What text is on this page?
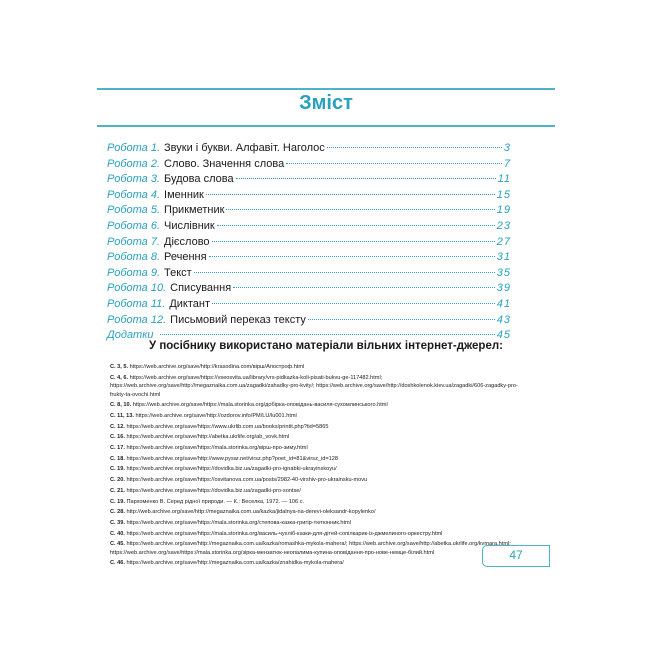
Зміст
Робота 1. Звуки і букви. Алфавіт. Наголос	3
Робота 2. Слово. Значення слова	7
Робота 3. Будова слова	11
Робота 4. Іменник	15
Робота 5. Прикметник	19
Робота 6. Числівник	23
Робота 7. Дієслово	27
Робота 8. Речення	31
Робота 9. Текст	35
Робота 10. Списування	39
Робота 11. Диктант	41
Робота 12. Письмовий переказ тексту	43
Додатки	45
У посібнику використано матеріали вільних інтернет-джерел:
С. 3, 5. https://web.archive.org/save/http://krasodina.com/вірш/Апостроф.html
С. 4, 6. https://web.archive.org/save/https://vseosvita.ua/library/vrs-pidkazka-koli-pisati-bukvu-ge-117482.html; https://web.archive.org/save/http://megaznaika.com.ua/zagadki/zahadky-pro-kvity/; https://web.archive.org/save/http://doshkolenok.kiev.ua/zagadki/606-zagadky-pro-frukty-ta-ovochi.html
С. 8, 10. https://web.archive.org/save/https://mala.storinka.org/добірка-оповідань-василя-сухомлинського.html
С. 11, 13. https://web.archive.org/save/http://ozdorov.info/PM/LU/lu001.html
С. 12. https://web.archive.org/save/https://www.ukrlib.com.ua/books/printit.php?tid=5865
С. 16. https://web.archive.org/save/http://abetka.ukrlife.org/ab_vovk.html
С. 17. https://web.archive.org/save/https://mala.storinka.org/вірш-про-зиму.html
С. 18. https://web.archive.org/save/http://www.pysar.net/virsz.php?poet_id=81&virsz_id=128
С. 19. https://web.archive.org/save/https://dovidka.biz.ua/zagadki-pro-ignabki-ukrayinskoyu/
С. 20. https://web.archive.org/save/https://osvitanova.com.ua/posts/2982-40-virshiv-pro-ukrainsku-movu
С. 21. https://web.archive.org/save/https://dovidka.biz.ua/zagadki-pro-sontse/
С. 19. Пархоменко В. Серед рідної природи. — К.: Веселка, 1972. — 106 с.
С. 28. http://web.archive.org/save/http://megaznaika.com.ua/kazka/jidalnya-na-derevi-oleksandr-kopylenko/
С. 39. https://web.archive.org/save/https://mala.storinka.org/степова-казка-григір-тютюнник.html
С. 40. https://web.archive.org/save/https://mala.storinka.org/василь-чухліб-казки-для-дітей-сопілкарик-із-джмелиного-оркестру.html
С. 45. https://web.archive.org/save/http://megaznaika.com.ua/kazka/romashka-mykola-mahera/; https://web.archive.org/save/http://abetka.ukrlife.org/kvmara.html; https://web.archive.org/save/https://mala.storinka.org/зірка-мензатюк-неопалима-купина-оповідання-про-нове-немце-білий.html
С. 46. https://web.archive.org/save/http://megaznaika.com.ua/kazka/znahidka-mykola-mahera/
47
